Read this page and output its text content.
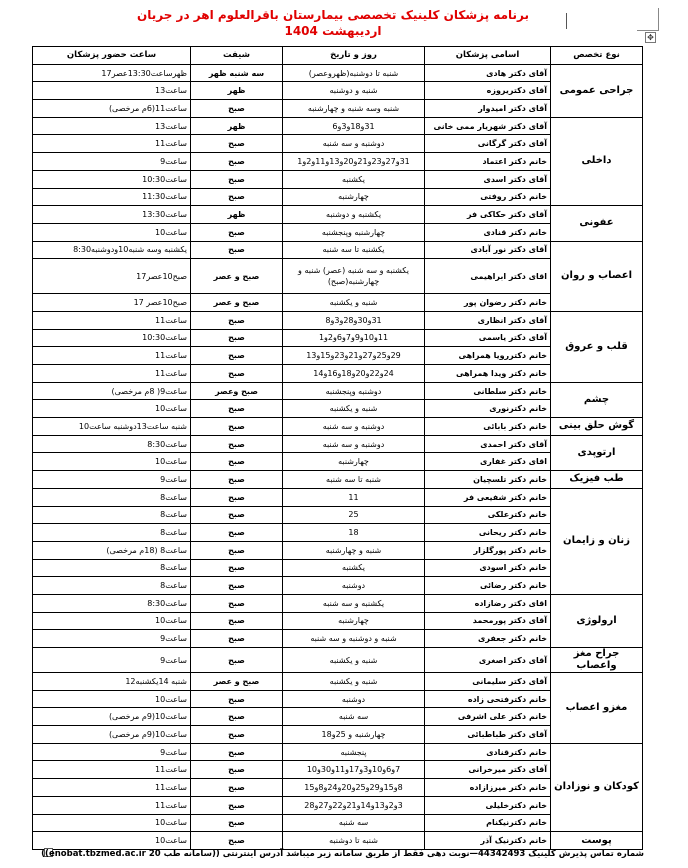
برنامه پزشکان کلینیک تخصصی بیمارستان باقرالعلوم اهر در جریان اردیبهشت 1404	✥
نوع تخصص	اسامی پزشکان	روز و تاریخ	شیفت	ساعت حضور پزشکان
جراحی عمومی	آقای دکتر هادی	شنبه تا دوشنبه(ظهروعصر)	سه شنبه ظهر	ظهرساعت13:30عصر17
	آقای دکتریروزه	شنبه و دوشنبه	ظهر	ساعت13
	آقای دکتر امیدوار	شنبه وسه شنبه و چهارشنبه	صبح	ساعت11(6م مرخصی)
داخلی	آقای دکتر شهریار ممی خانی	31و18و3و6	ظهر	ساعت13
	آقای دکتر گرگانی	دوشنبه و سه شنبه	صبح	ساعت11
	خانم دکتر اعتماد	31و27و23و21و20و13و11و2و1	صبح	ساعت9
	آقای دکتر اسدی	یکشنبه	صبح	ساعت10:30
	خانم دکتر روفتی	چهارشنبه	صبح	ساعت11:30
عفونی	آقای دکتر حکاکی فر	یکشنبه و دوشنبه	ظهر	ساعت13:30
	خانم دکتر قنادی	چهارشنبه وپنجشنبه	صبح	ساعت10
اعصاب و روان	آقای دکتر نور آبادی	یکشنبه تا سه شنبه	صبح	یکشنبه وسه شنبه10ودوشنبه8:30
	اقای دکتر ابراهیمی	یکشنبه و سه شنبه (عصر) شنبه و چهارشنبه(صبح)	صبح و عصر	صبح10عصر17
	خانم دکتر رضوان پور	شنبه و یکشنبه	صبح و عصر	صبح10عصر 17
قلب و عروق	آقای دکتر انظاری	31و30و28و3و8	صبح	ساعت11
	آقای دکتر یاسمی	11و10و9و7و6و2و1	صبح	ساعت10:30
	خانم دکتررویا همراهی	29و25و27و21و23و15و13	صبح	ساعت11
	خانم دکتر ویدا همراهی	24و22و20و18و16و14	صبح	ساعت11
چشم	خانم دکتر سلطانی	دوشنبه وپنجشنبه	صبح وعصر	ساعت9( 8م مرخصی)
	خانم دکترنوری	شنبه و یکشنبه	صبح	ساعت10
گوش حلق بینی	خانم دکتر بابائی	دوشنبه و سه شنبه	صبح	شنبه ساعت13دوشنبه ساعت10
ارتوپدی	آقای دکتر احمدی	دوشنبه و سه شنبه	صبح	ساعت8:30
	اقای دکتر غفاری	چهارشنبه	صبح	ساعت10
طب فیزیک	خانم دکتر تلسچیان	شنبه تا سه شنبه	صبح	ساعت9
زنان و زایمان	خانم دکتر شفیعی فر	11	صبح	ساعت8
	خانم دکترعلکی	25	صبح	ساعت8
	خانم دکتر ریحانی	18	صبح	ساعت8
	خانم دکتر پورگلزار	شنبه و چهارشنبه	صبح	ساعت8 (18م مرخصی)
	خانم دکتر اسودی	یکشنبه	صبح	ساعت8
	خانم دکتر رضائی	دوشنبه	صبح	ساعت8
ارولوژی	اقای دکتر رضازاده	یکشنبه و سه شنبه	صبح	ساعت8:30
	آقای دکتر پورمحمد	چهارشنبه	صبح	ساعت10
	خانم دکتر جعفری	شنبه و دوشنبه و سه شنبه	صبح	ساعت9
جراح مغز واعصاب	آقای دکتر اصغری	شنبه و یکشنبه	صبح	ساعت9
مغزو اعصاب	آقای دکتر سلیمانی	شنبه و یکشنبه	صبح و عصر	شنبه 14یکشنبه12
	خانم دکترفتحی زاده	دوشنبه	صبح	ساعت10
	خانم دکتر علی اشرفی	سه شنبه	صبح	ساعت10(9م مرخصی)
	آقای دکتر طباطبائی	چهارشنبه و 25و18	صبح	ساعت10(9م مرخصی)
کودکان و نوزادان	خانم دکترقنادی	پنجشنبه	صبح	ساعت9
	آقای دکتر میرخرانی	7و6و10و3و17و11و30و10	صبح	ساعت11
	خانم دکتر میرزازاده	8و15و29و25و20و24و8و15	صبح	ساعت11
	خانم دکترخلیلی	3و2و13و14و21و22و27و28	صبح	ساعت11
	خانم دکترنیکنام	سه شنبه	صبح	ساعت10
پوست	خانم دکترنیک آذر	شنبه تا دوشنبه	صبح	ساعت10
شماره تماس پذیرش کلینیک 44342493—نوبت دهی فقط از طریق سامانه زیر میباشد آدرس اینترنتی ((سامانه طب 20 enobat.tbzmed.ac.ir))
